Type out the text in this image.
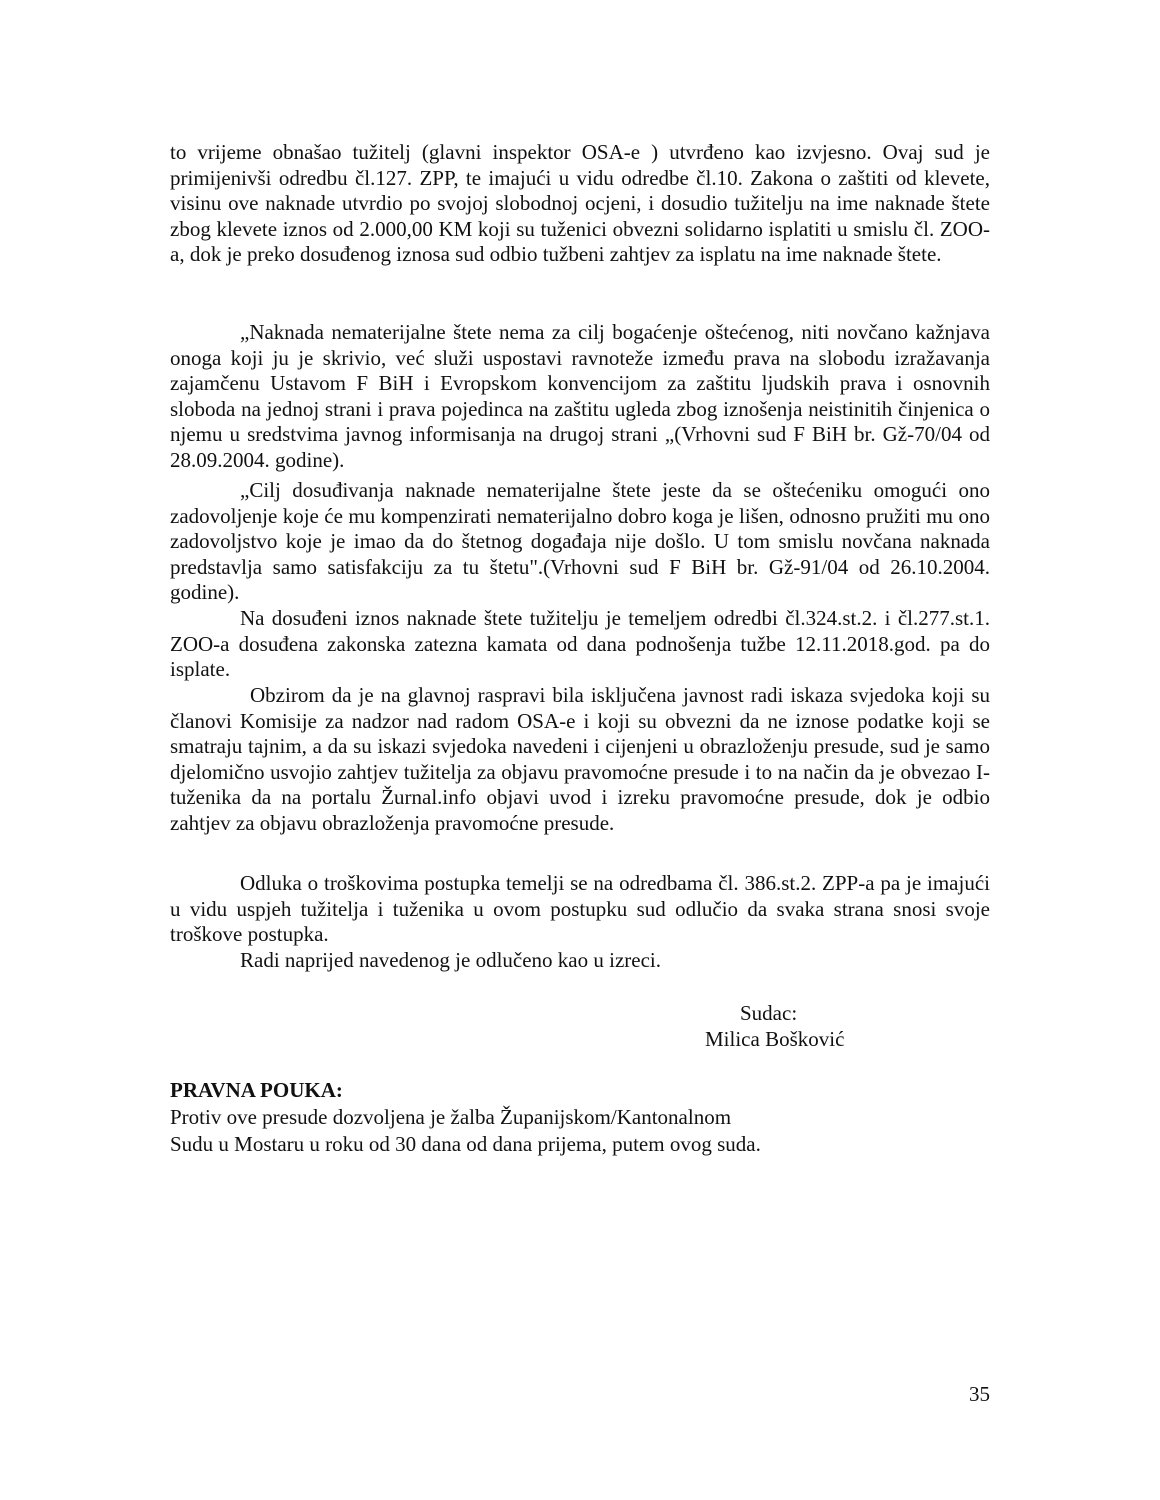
to vrijeme obnašao tužitelj (glavni inspektor OSA-e ) utvrđeno kao izvjesno. Ovaj sud je primijenivši odredbu čl.127. ZPP, te imajući u vidu odredbe čl.10. Zakona o zaštiti od klevete, visinu ove naknade utvrdio po svojoj slobodnoj ocjeni, i dosudio tužitelju na ime naknade štete zbog klevete iznos od 2.000,00 KM koji su tuženici obvezni solidarno isplatiti u smislu čl. ZOO-a, dok je preko dosuđenog iznosa sud odbio tužbeni zahtjev za isplatu na ime naknade štete.

„Naknada nematerijalne štete nema za cilj bogaćenje oštećenog, niti novčano kažnjava onoga koji ju je skrivio, već služi uspostavi ravnoteže između prava na slobodu izražavanja zajamčenu Ustavom F BiH i Evropskom konvencijom za zaštitu ljudskih prava i osnovnih sloboda na jednoj strani i prava pojedinca na zaštitu ugleda zbog iznošenja neistinitih činjenica o njemu u sredstvima javnog informisanja na drugoj strani „(Vrhovni sud F BiH br. Gž-70/04 od 28.09.2004. godine).

„Cilj dosuđivanja naknade nematerijalne štete jeste da se oštećeniku omogući ono zadovoljenje koje će mu kompenzirati nematerijalno dobro koga je lišen, odnosno pružiti mu ono zadovoljstvo koje je imao da do štetnog događaja nije došlo. U tom smislu novčana naknada predstavlja samo satisfakciju za tu štetu".(Vrhovni sud F BiH br. Gž-91/04 od 26.10.2004. godine).

Na dosuđeni iznos naknade štete tužitelju je temeljem odredbi čl.324.st.2. i čl.277.st.1. ZOO-a dosuđena zakonska zatezna kamata od dana podnošenja tužbe 12.11.2018.god. pa do isplate.

Obzirom da je na glavnoj raspravi bila isključena javnost radi iskaza svjedoka koji su članovi Komisije za nadzor nad radom OSA-e i koji su obvezni da ne iznose podatke koji se smatraju tajnim, a da su iskazi svjedoka navedeni i cijenjeni u obrazloženju presude, sud je samo djelomično usvojio zahtjev tužitelja za objavu pravomoćne presude i to na način da je obvezao I-tuženika da na portalu Žurnal.info objavi uvod i izreku pravomoćne presude, dok je odbio zahtjev za objavu obrazloženja pravomoćne presude.

Odluka o troškovima postupka temelji se na odredbama čl. 386.st.2. ZPP-a pa je imajući u vidu uspjeh tužitelja i tuženika u ovom postupku sud odlučio da svaka strana snosi svoje troškove postupka.

Radi naprijed navedenog je odlučeno kao u izreci.

Sudac:

Milica Bošković

PRAVNA POUKA:

Protiv ove presude dozvoljena je žalba Županijskom/Kantonalnom

Sudu u Mostaru u roku od 30 dana od dana prijema, putem ovog suda.

35
